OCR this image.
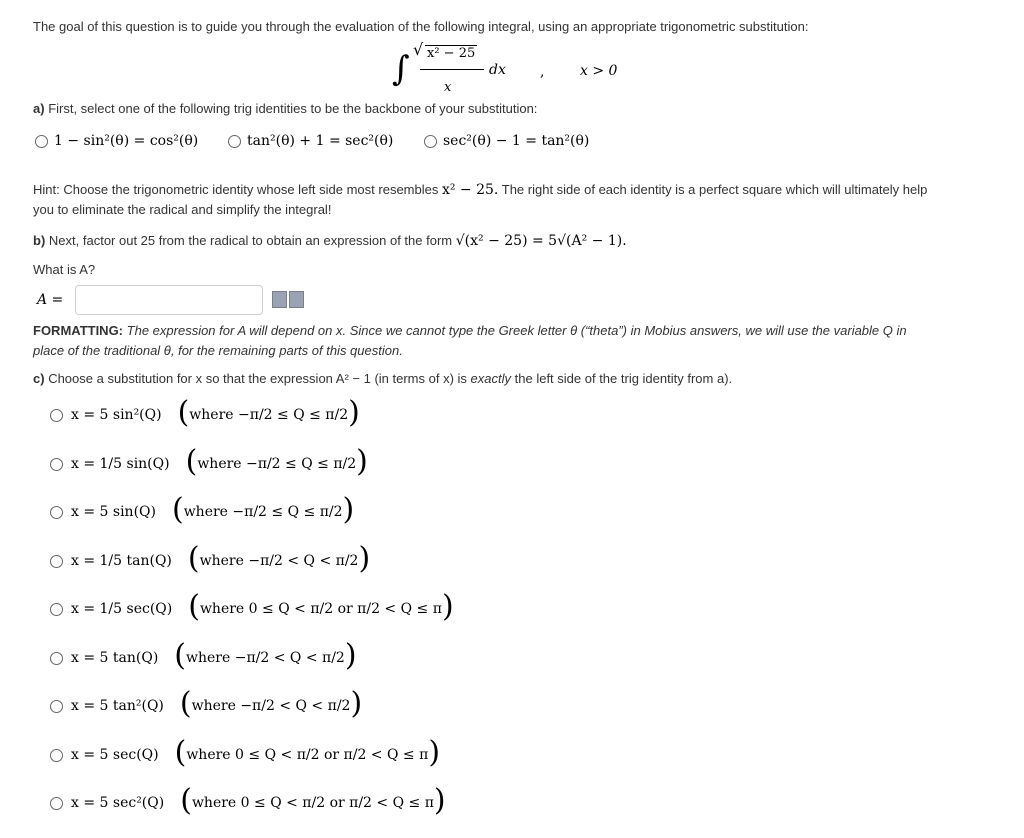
The goal of this question is to guide you through the evaluation of the following integral, using an appropriate trigonometric substitution:
∫ √ x² − 25
x
dx ,	x > 0
a) First, select one of the following trig identities to be the backbone of your substitution:
1 − sin²(θ) = cos²(θ)	tan²(θ) + 1 = sec²(θ)	sec²(θ) − 1 = tan²(θ)
Hint: Choose the trigonometric identity whose left side most resembles x² − 25. The right side of each identity is a perfect square which will ultimately help
you to eliminate the radical and simplify the integral!
b) Next, factor out 25 from the radical to obtain an expression of the form √(x² − 25) = 5√(A² − 1).
What is A?
A =
FORMATTING: The expression for A will depend on x. Since we cannot type the Greek letter θ (“theta”) in Mobius answers, we will use the variable Q in
place of the traditional θ, for the remaining parts of this question.
c) Choose a substitution for x so that the expression A² − 1 (in terms of x) is exactly the left side of the trig identity from a).
x = 5 sin²(Q) ( where −π/2 ≤ Q ≤ π/2 )
x = 1/5 sin(Q) ( where −π/2 ≤ Q ≤ π/2 )
x = 5 sin(Q) ( where −π/2 ≤ Q ≤ π/2 )
x = 1/5 tan(Q) ( where −π/2 < Q < π/2 )
x = 1/5 sec(Q) ( where 0 ≤ Q < π/2 or π/2 < Q ≤ π )
x = 5 tan(Q) ( where −π/2 < Q < π/2 )
x = 5 tan²(Q) ( where −π/2 < Q < π/2 )
x = 5 sec(Q) ( where 0 ≤ Q < π/2 or π/2 < Q ≤ π )
x = 5 sec²(Q) ( where 0 ≤ Q < π/2 or π/2 < Q ≤ π )
